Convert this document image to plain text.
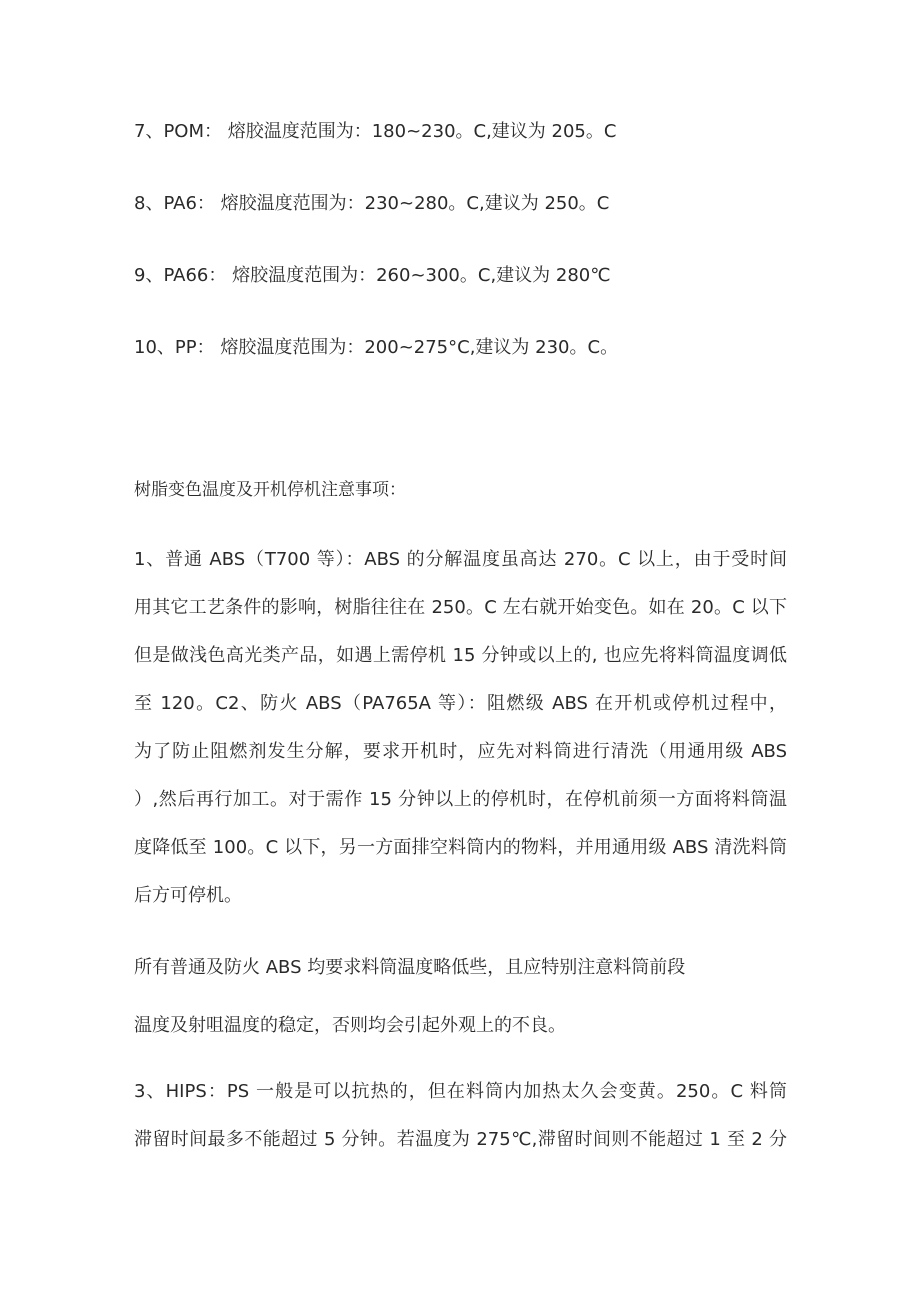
7、POM： 熔胶温度范围为：180~230。C,建议为 205。C

8、PA6： 熔胶温度范围为：230~280。C,建议为 250。C

9、PA66： 熔胶温度范围为：260~300。C,建议为 280℃

10、PP： 熔胶温度范围为：200~275°C,建议为 230。C。

树脂变色温度及开机停机注意事项：

1、普通 ABS（T700 等）：ABS 的分解温度虽高达 270。C 以上，由于受时间

用其它工艺条件的影响，树脂往往在 250。C 左右就开始变色。如在 20。C 以下

但是做浅色高光类产品，如遇上需停机 15 分钟或以上的, 也应先将料筒温度调低

至 120。C2、防火 ABS（PA765A 等）：阻燃级 ABS 在开机或停机过程中，

为了防止阻燃剂发生分解，要求开机时，应先对料筒进行清洗（用通用级 ABS

）,然后再行加工。对于需作 15 分钟以上的停机时，在停机前须一方面将料筒温

度降低至 100。C 以下，另一方面排空料筒内的物料，并用通用级 ABS 清洗料筒

后方可停机。

所有普通及防火 ABS 均要求料筒温度略低些，且应特别注意料筒前段

温度及射咀温度的稳定，否则均会引起外观上的不良。

3、HIPS：PS 一般是可以抗热的，但在料筒内加热太久会变黄。250。C 料筒

滞留时间最多不能超过 5 分钟。若温度为 275℃,滞留时间则不能超过 1 至 2 分
